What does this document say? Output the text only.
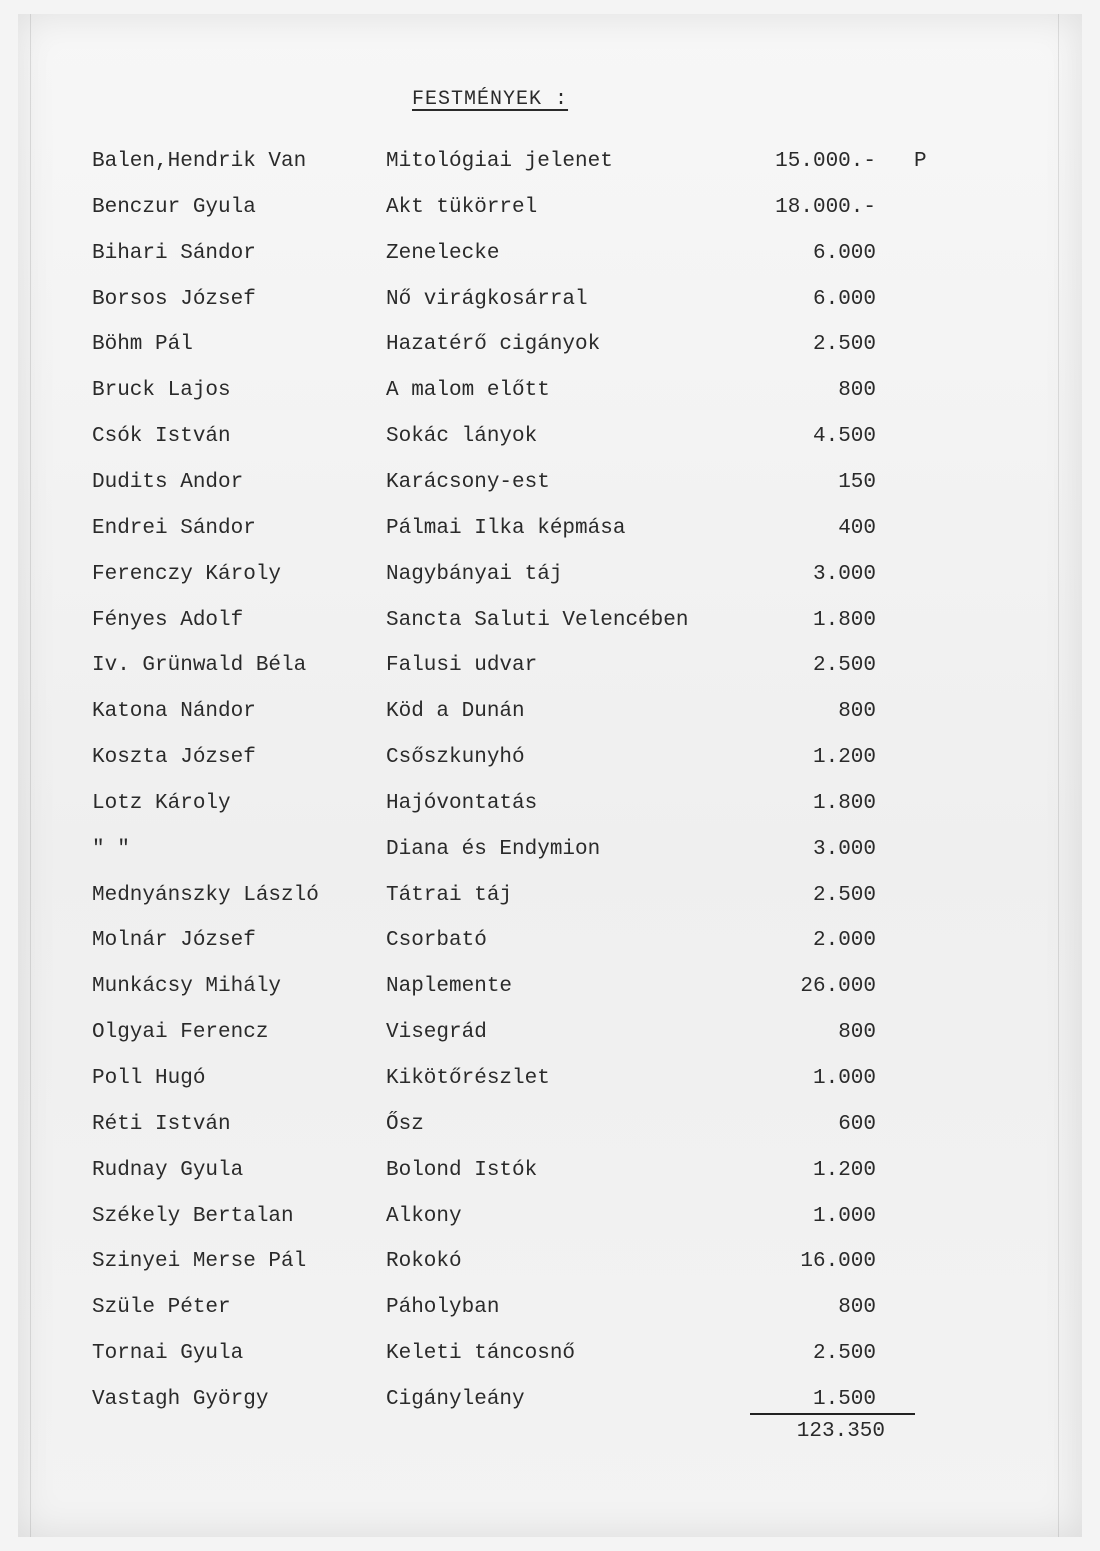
FESTMÉNYEK :
Balen,Hendrik Van	Mitológiai jelenet	15.000.- P
Benczur Gyula	Akt tükörrel	18.000.-
Bihari Sándor	Zenelecke	6.000
Borsos József	Nő virágkosárral	6.000
Böhm Pál	Hazatérő cigányok	2.500
Bruck Lajos	A malom előtt	800
Csók István	Sokác lányok	4.500
Dudits Andor	Karácsony-est	150
Endrei Sándor	Pálmai Ilka képmása	400
Ferenczy Károly	Nagybányai táj	3.000
Fényes Adolf	Sancta Saluti Velencében	1.800
Iv. Grünwald Béla	Falusi udvar	2.500
Katona Nándor	Köd a Dunán	800
Koszta József	Csőszkunyhó	1.200
Lotz Károly	Hajóvontatás	1.800
" "	Diana és Endymion	3.000
Mednyánszky László	Tátrai táj	2.500
Molnár József	Csorbató	2.000
Munkácsy Mihály	Naplemente	26.000
Olgyai Ferencz	Visegrád	800
Poll Hugó	Kikötőrészlet	1.000
Réti István	Ősz	600
Rudnay Gyula	Bolond Istók	1.200
Székely Bertalan	Alkony	1.000
Szinyei Merse Pál	Rokokó	16.000
Szüle Péter	Páholyban	800
Tornai Gyula	Keleti táncosnő	2.500
Vastagh György	Cigányleány	1.500
123.350
